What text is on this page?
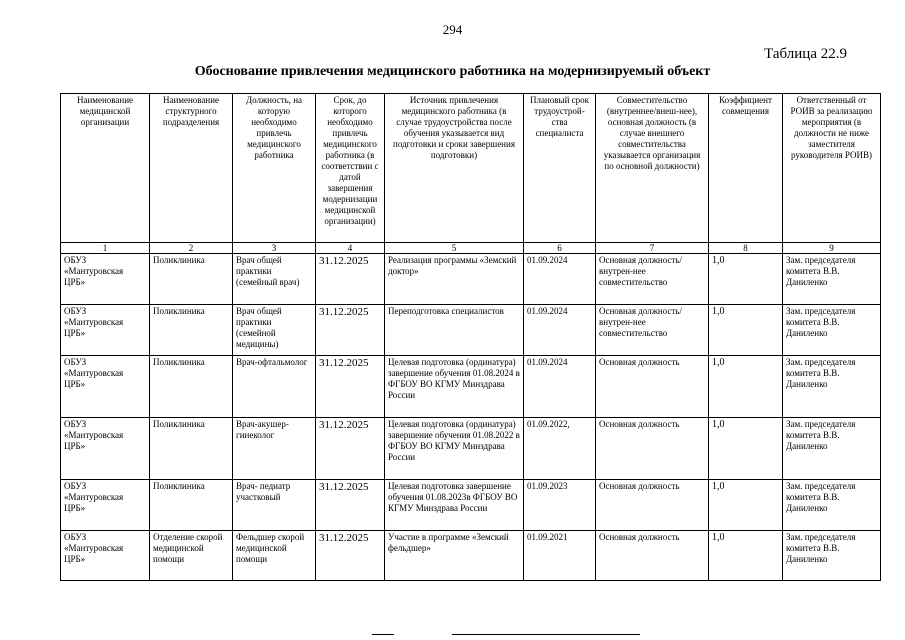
294
Таблица 22.9
Обоснование привлечения медицинского работника на модернизируемый объект
Наименование медицинской организации	Наименование структурного подразделения	Должность, на которую необходимо привлечь медицинского работника	Срок, до которого необходимо привлечь медицинского работника (в соответствии с датой завершения модернизации медицинской организации)	Источник привлечения медицинского работника (в случае трудоустройства после обучения указывается вид подготовки и сроки завершения подготовки)	Плановый срок трудоустрой-ства специалиста	Совместительство (внутреннее/внеш-нее), основная должность (в случае внешнего совместительства указывается организация по основной должности)	Коэффициент совмещения	Ответственный от РОИВ за реализацию мероприятия (в должности не ниже заместителя руководителя РОИВ)
1	2	3	4	5	6	7	8	9
ОБУЗ «Мантуровская ЦРБ»	Поликлиника	Врач общей практики (семейный врач)	31.12.2025	Реализация программы «Земский доктор»	01.09.2024	Основная должность/внутрен-нее совместительство	1,0	Зам. председателя комитета В.В. Даниленко
ОБУЗ «Мантуровская ЦРБ»	Поликлиника	Врач общей практики (семейной медицины)	31.12.2025	Переподготовка специалистов	01.09.2024	Основная должность/внутрен-нее совместительство	1,0	Зам. председателя комитета В.В. Даниленко
ОБУЗ «Мантуровская ЦРБ»	Поликлиника	Врач-офтальмолог	31.12.2025	Целевая подготовка (ординатура) завершение обучения 01.08.2024 в ФГБОУ ВО КГМУ Минздрава России	01.09.2024	Основная должность	1,0	Зам. председателя комитета В.В. Даниленко
ОБУЗ «Мантуровская ЦРБ»	Поликлиника	Врач-акушер-гинеколог	31.12.2025	Целевая подготовка (ординатура) завершение обучения 01.08.2022 в ФГБОУ ВО КГМУ Минздрава России	01.09.2022,	Основная должность	1,0	Зам. председателя комитета В.В. Даниленко
ОБУЗ «Мантуровская ЦРБ»	Поликлиника	Врач- педиатр участковый	31.12.2025	Целевая подготовка завершение обучения 01.08.2023в ФГБОУ ВО КГМУ Минздрава России	01.09.2023	Основная должность	1,0	Зам. председателя комитета В.В. Даниленко
ОБУЗ «Мантуровская ЦРБ»	Отделение скорой медицинской помощи	Фельдшер скорой медицинской помощи	31.12.2025	Участие в программе «Земский фельдшер»	01.09.2021	Основная должность	1,0	Зам. председателя комитета В.В. Даниленко
